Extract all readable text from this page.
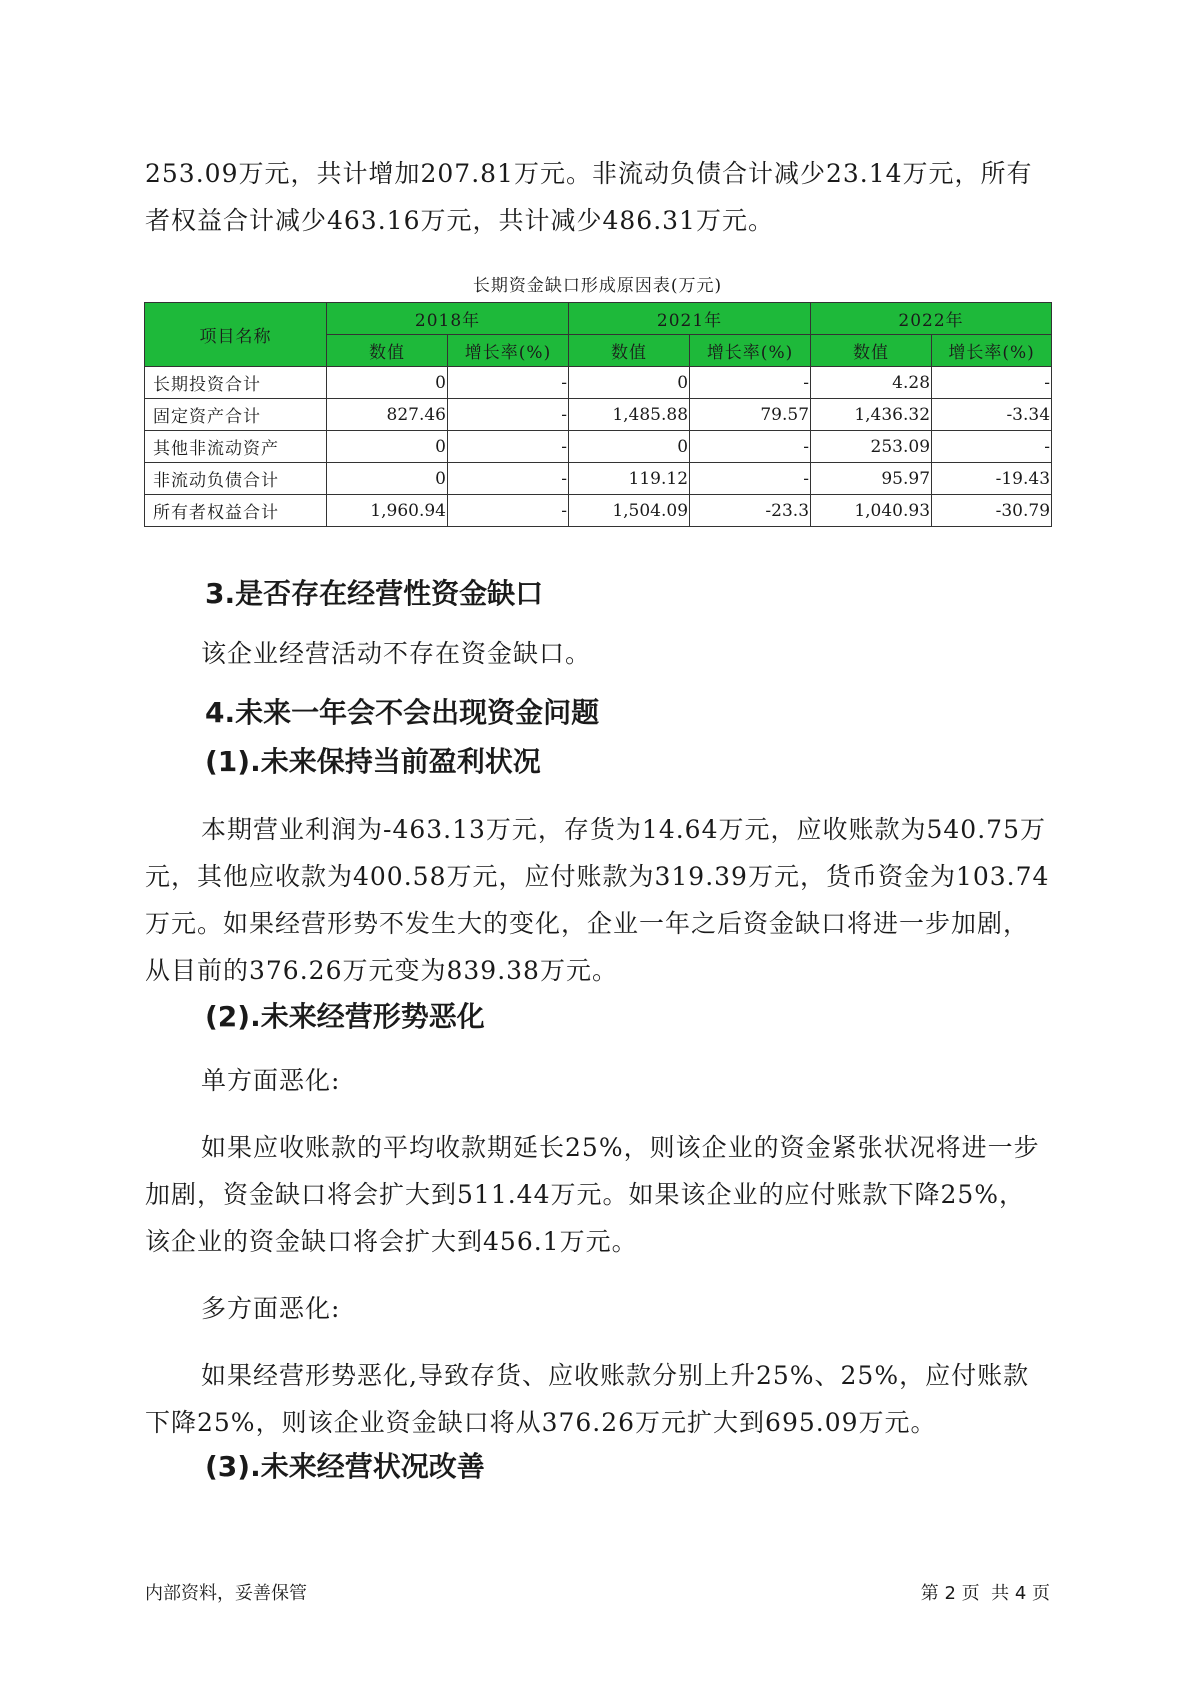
253.09万元，共计增加207.81万元。非流动负债合计减少23.14万元，所有者权益合计减少463.16万元，共计减少486.31万元。

长期资金缺口形成原因表(万元)

项目名称	2018年		2021年		2022年	
	数值	增长率(%)	数值	增长率(%)	数值	增长率(%)
长期投资合计	0	-	0	-	4.28	-
固定资产合计	827.46	-	1,485.88	79.57	1,436.32	-3.34
其他非流动资产	0	-	0	-	253.09	-
非流动负债合计	0	-	119.12	-	95.97	-19.43
所有者权益合计	1,960.94	-	1,504.09	-23.3	1,040.93	-30.79
3.是否存在经营性资金缺口

该企业经营活动不存在资金缺口。

4.未来一年会不会出现资金问题
(1).未来保持当前盈利状况

本期营业利润为-463.13万元，存货为14.64万元，应收账款为540.75万元，其他应收款为400.58万元，应付账款为319.39万元，货币资金为103.74万元。如果经营形势不发生大的变化，企业一年之后资金缺口将进一步加剧，从目前的376.26万元变为839.38万元。

(2).未来经营形势恶化

单方面恶化:

如果应收账款的平均收款期延长25%，则该企业的资金紧张状况将进一步加剧，资金缺口将会扩大到511.44万元。如果该企业的应付账款下降25%，该企业的资金缺口将会扩大到456.1万元。

多方面恶化:

如果经营形势恶化,导致存货、应收账款分别上升25%、25%，应付账款下降25%，则该企业资金缺口将从376.26万元扩大到695.09万元。

(3).未来经营状况改善
内部资料，妥善保管	第 2 页  共 4 页
